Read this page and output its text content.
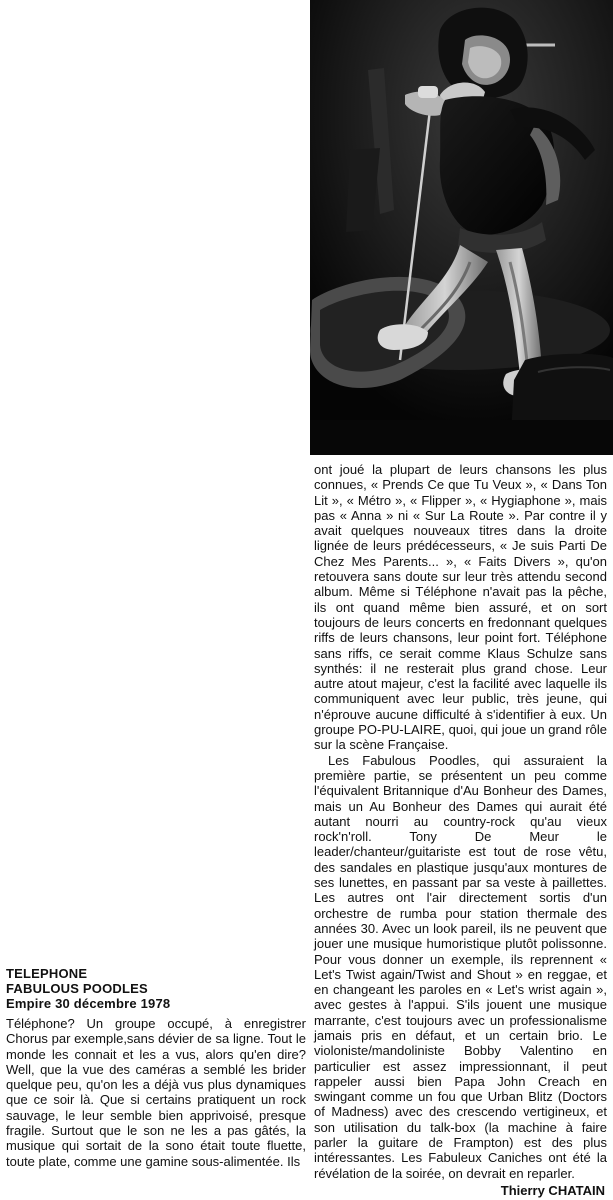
ont joué la plupart de leurs chansons les plus connues, « Prends Ce que Tu Veux », « Dans Ton Lit », « Métro », « Flipper », « Hygiaphone », mais pas « Anna » ni « Sur La Route ». Par contre il y avait quelques nouveaux titres dans la droite lignée de leurs prédécesseurs, « Je suis Parti De Chez Mes Parents... », « Faits Divers », qu'on retouvera sans doute sur leur très attendu second album. Même si Téléphone n'avait pas la pêche, ils ont quand même bien assuré, et on sort toujours de leurs concerts en fredonnant quelques riffs de leurs chansons, leur point fort. Téléphone sans riffs, ce serait comme Klaus Schulze sans synthés: il ne resterait plus grand chose. Leur autre atout majeur, c'est la facilité avec laquelle ils communiquent avec leur public, très jeune, qui n'éprouve aucune difficulté à s'identifier à eux. Un groupe PO-PU-LAIRE, quoi, qui joue un grand rôle sur la scène Française.

Les Fabulous Poodles, qui assuraient la première partie, se présentent un peu comme l'équivalent Britannique d'Au Bonheur des Dames, mais un Au Bonheur des Dames qui aurait été autant nourri au country-rock qu'au vieux rock'n'roll. Tony De Meur le leader/chanteur/guitariste est tout de rose vêtu, des sandales en plastique jusqu'aux montures de ses lunettes, en passant par sa veste à paillettes. Les autres ont l'air directement sortis d'un orchestre de rumba pour station thermale des années 30. Avec un look pareil, ils ne peuvent que jouer une musique humoristique plutôt polissonne. Pour vous donner un exemple, ils reprennent « Let's Twist again/Twist and Shout » en reggae, et en changeant les paroles en « Let's wrist again », avec gestes à l'appui. S'ils jouent une musique marrante, c'est toujours avec un professionalisme jamais pris en défaut, et un certain brio. Le violoniste/mandoliniste Bobby Valentino en particulier est assez impressionnant, il peut rappeler aussi bien Papa John Creach en swingant comme un fou que Urban Blitz (Doctors of Madness) avec des crescendo vertigineux, et son utilisation du talk-box (la machine à faire parler la guitare de Frampton) est des plus intéressantes. Les Fabuleux Caniches ont été la révélation de la soirée, on devrait en reparler.

TELEPHONE
FABULOUS POODLES
Empire 30 décembre 1978

Téléphone? Un groupe occupé, à enregistrer Chorus par exemple,sans dévier de sa ligne. Tout le monde les connait et les a vus, alors qu'en dire? Well, que la vue des caméras a semblé les brider quelque peu, qu'on les a déjà vus plus dynamiques que ce soir là. Que si certains pratiquent un rock sauvage, le leur semble bien apprivoisé, presque fragile. Surtout que le son ne les a pas gâtés, la musique qui sortait de la sono était toute fluette, toute plate, comme une gamine sous-alimentée. Ils

Thierry CHATAIN
